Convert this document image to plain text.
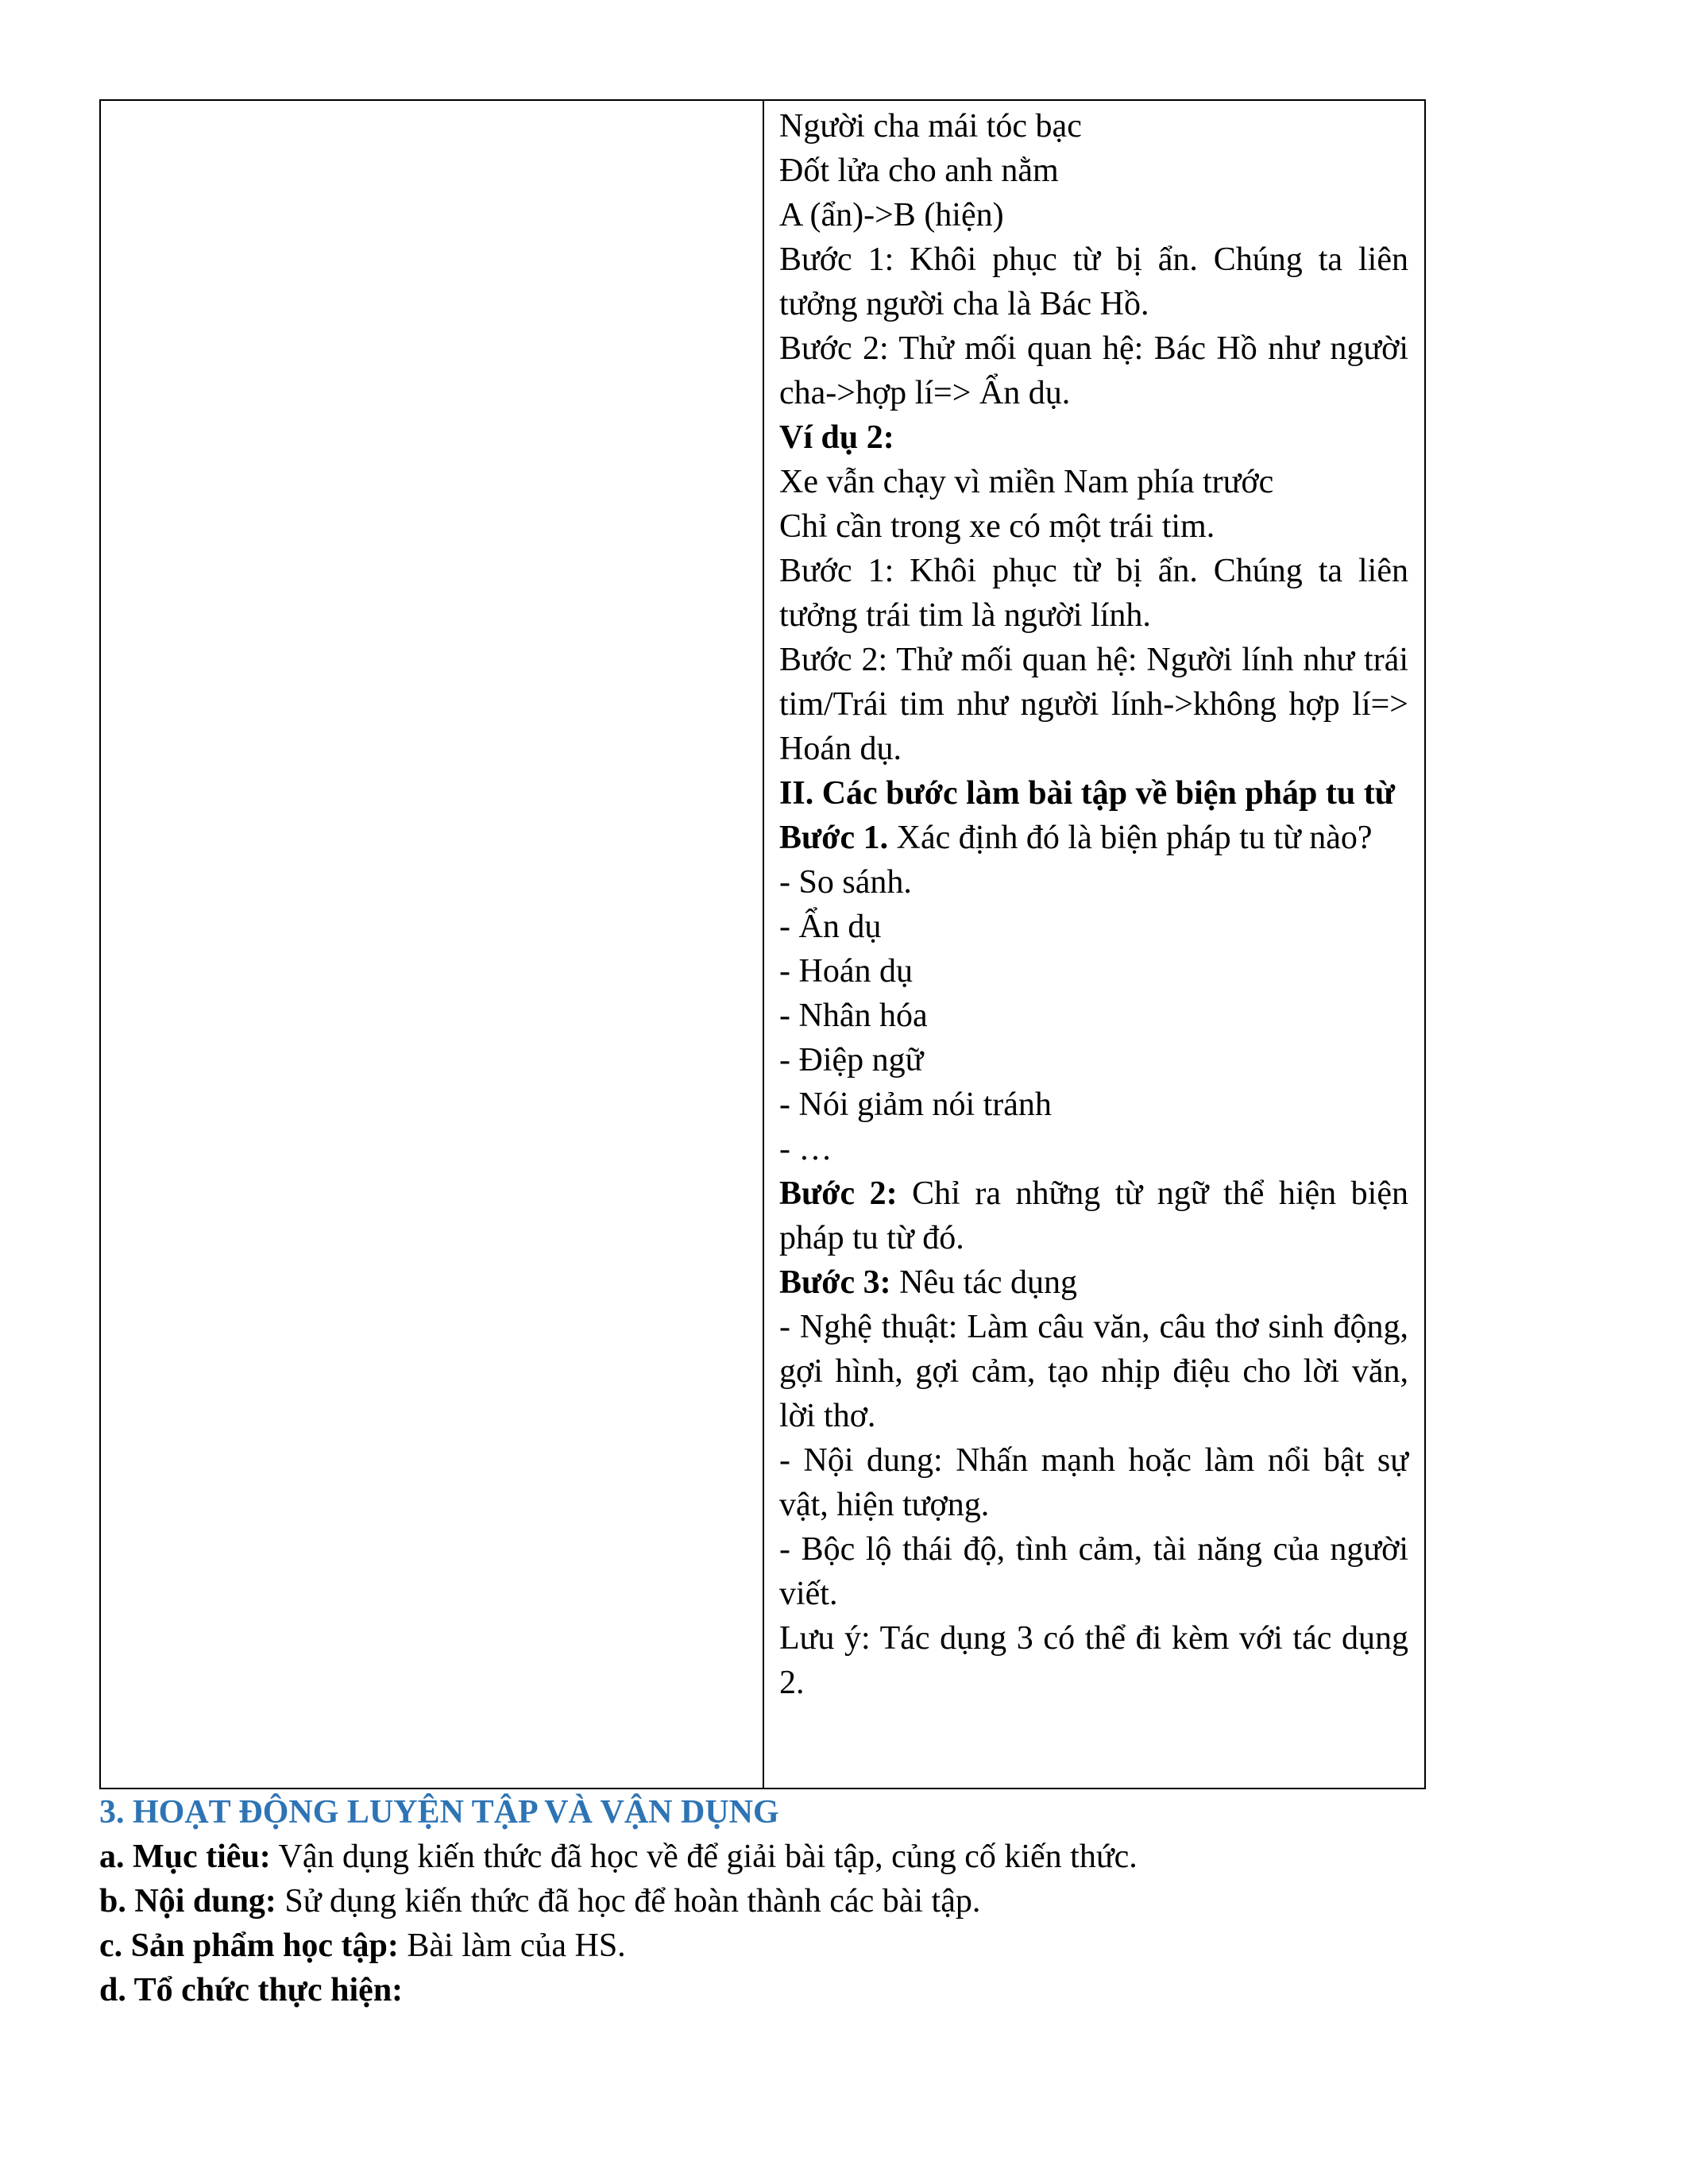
Người cha mái tóc bạc
Đốt lửa cho anh nằm
A (ẩn)->B (hiện)
Bước 1: Khôi phục từ bị ẩn. Chúng ta liên tưởng người cha là Bác Hồ.
Bước 2: Thử mối quan hệ: Bác Hồ như người cha->hợp lí=> Ẩn dụ.
Ví dụ 2:
Xe vẫn chạy vì miền Nam phía trước
Chỉ cần trong xe có một trái tim.
Bước 1: Khôi phục từ bị ẩn. Chúng ta liên tưởng trái tim là người lính.
Bước 2: Thử mối quan hệ: Người lính như trái tim/Trái tim như người lính->không hợp lí=> Hoán dụ.
II. Các bước làm bài tập về biện pháp tu từ
Bước 1. Xác định đó là biện pháp tu từ nào?
- So sánh.
- Ẩn dụ
- Hoán dụ
- Nhân hóa
- Điệp ngữ
- Nói giảm nói tránh
- …
Bước 2: Chỉ ra những từ ngữ thể hiện biện pháp tu từ đó.
Bước 3: Nêu tác dụng
- Nghệ thuật: Làm câu văn, câu thơ sinh động, gợi hình, gợi cảm, tạo nhịp điệu cho lời văn, lời thơ.
- Nội dung: Nhấn mạnh hoặc làm nổi bật sự vật, hiện tượng.
- Bộc lộ thái độ, tình cảm, tài năng của người viết.
Lưu ý: Tác dụng 3 có thể đi kèm với tác dụng 2.
3. HOẠT ĐỘNG LUYỆN TẬP VÀ VẬN DỤNG
a. Mục tiêu: Vận dụng kiến thức đã học về để giải bài tập, củng cố kiến thức.
b. Nội dung: Sử dụng kiến thức đã học để hoàn thành các bài tập.
c. Sản phẩm học tập: Bài làm của HS.
d. Tổ chức thực hiện:
